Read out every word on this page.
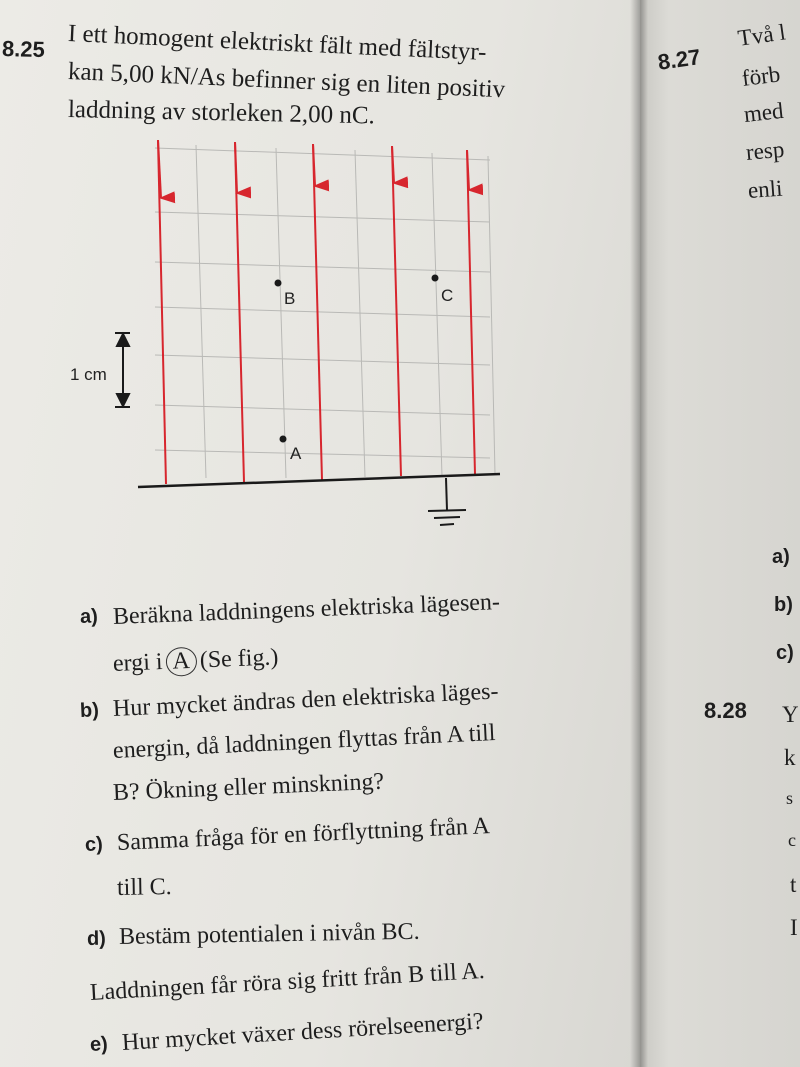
8.25 I ett homogent elektriskt fält med fältstyr-
kan 5,00 kN/As befinner sig en liten positiv
laddning av storleken 2,00 nC.
1 cm
B	C
A
a) Beräkna laddningens elektriska lägesen-
ergi i A (Se fig.)
b) Hur mycket ändras den elektriska läges-
energin, då laddningen flyttas från A till
B? Ökning eller minskning?
c) Samma fråga för en förflyttning från A
till C.
d) Bestäm potentialen i nivån BC.
Laddningen får röra sig fritt från B till A.
e) Hur mycket växer dess rörelseenergi?
8.27
Två l
förb
med
resp
enli
a)
b)
c)
8.28 Y
k
s
c
t
I
